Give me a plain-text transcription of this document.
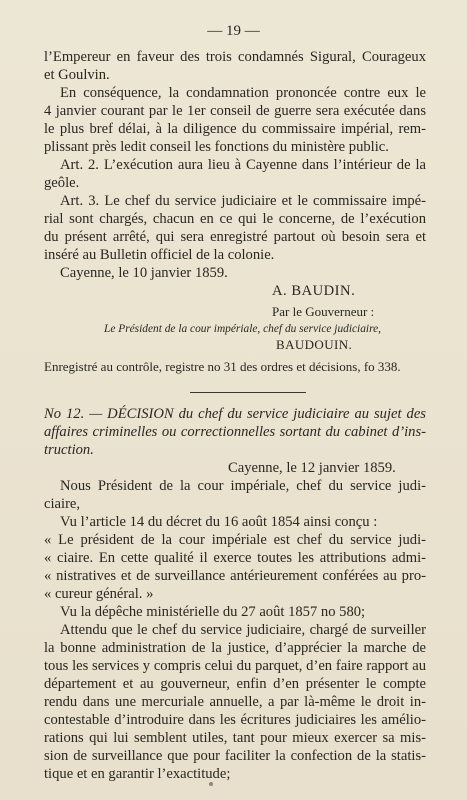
— 19 —
l’Empereur en faveur des trois condamnés Sigural, Courageux
et Goulvin.
En conséquence, la condamnation prononcée contre eux le
4 janvier courant par le 1er conseil de guerre sera exécutée dans
le plus bref délai, à la diligence du commissaire impérial, rem-
plissant près ledit conseil les fonctions du ministère public.
Art. 2. L’exécution aura lieu à Cayenne dans l’intérieur de la
geôle.
Art. 3. Le chef du service judiciaire et le commissaire impé-
rial sont chargés, chacun en ce qui le concerne, de l’exécution
du présent arrêté, qui sera enregistré partout où besoin sera et
inséré au Bulletin officiel de la colonie.
Cayenne, le 10 janvier 1859.
A. BAUDIN.
Par le Gouverneur :
Le Président de la cour impériale, chef du service judiciaire,
BAUDOUIN.
Enregistré au contrôle, registre no 31 des ordres et décisions, fo 338.
No 12. — DÉCISION du chef du service judiciaire au sujet des
affaires criminelles ou correctionnelles sortant du cabinet d’ins-
truction.
Cayenne, le 12 janvier 1859.
Nous Président de la cour impériale, chef du service judi-
ciaire,
Vu l’article 14 du décret du 16 août 1854 ainsi conçu :
« Le président de la cour impériale est chef du service judi-
« ciaire. En cette qualité il exerce toutes les attributions admi-
« nistratives et de surveillance antérieurement conférées au pro-
« cureur général. »
Vu la dépêche ministérielle du 27 août 1857 no 580;
Attendu que le chef du service judiciaire, chargé de surveiller
la bonne administration de la justice, d’apprécier la marche de
tous les services y compris celui du parquet, d’en faire rapport au
département et au gouverneur, enfin d’en présenter le compte
rendu dans une mercuriale annuelle, a par là-même le droit in-
contestable d’introduire dans les écritures judiciaires les amélio-
rations qui lui semblent utiles, tant pour mieux exercer sa mis-
sion de surveillance que pour faciliter la confection de la statis-
tique et en garantir l’exactitude;
